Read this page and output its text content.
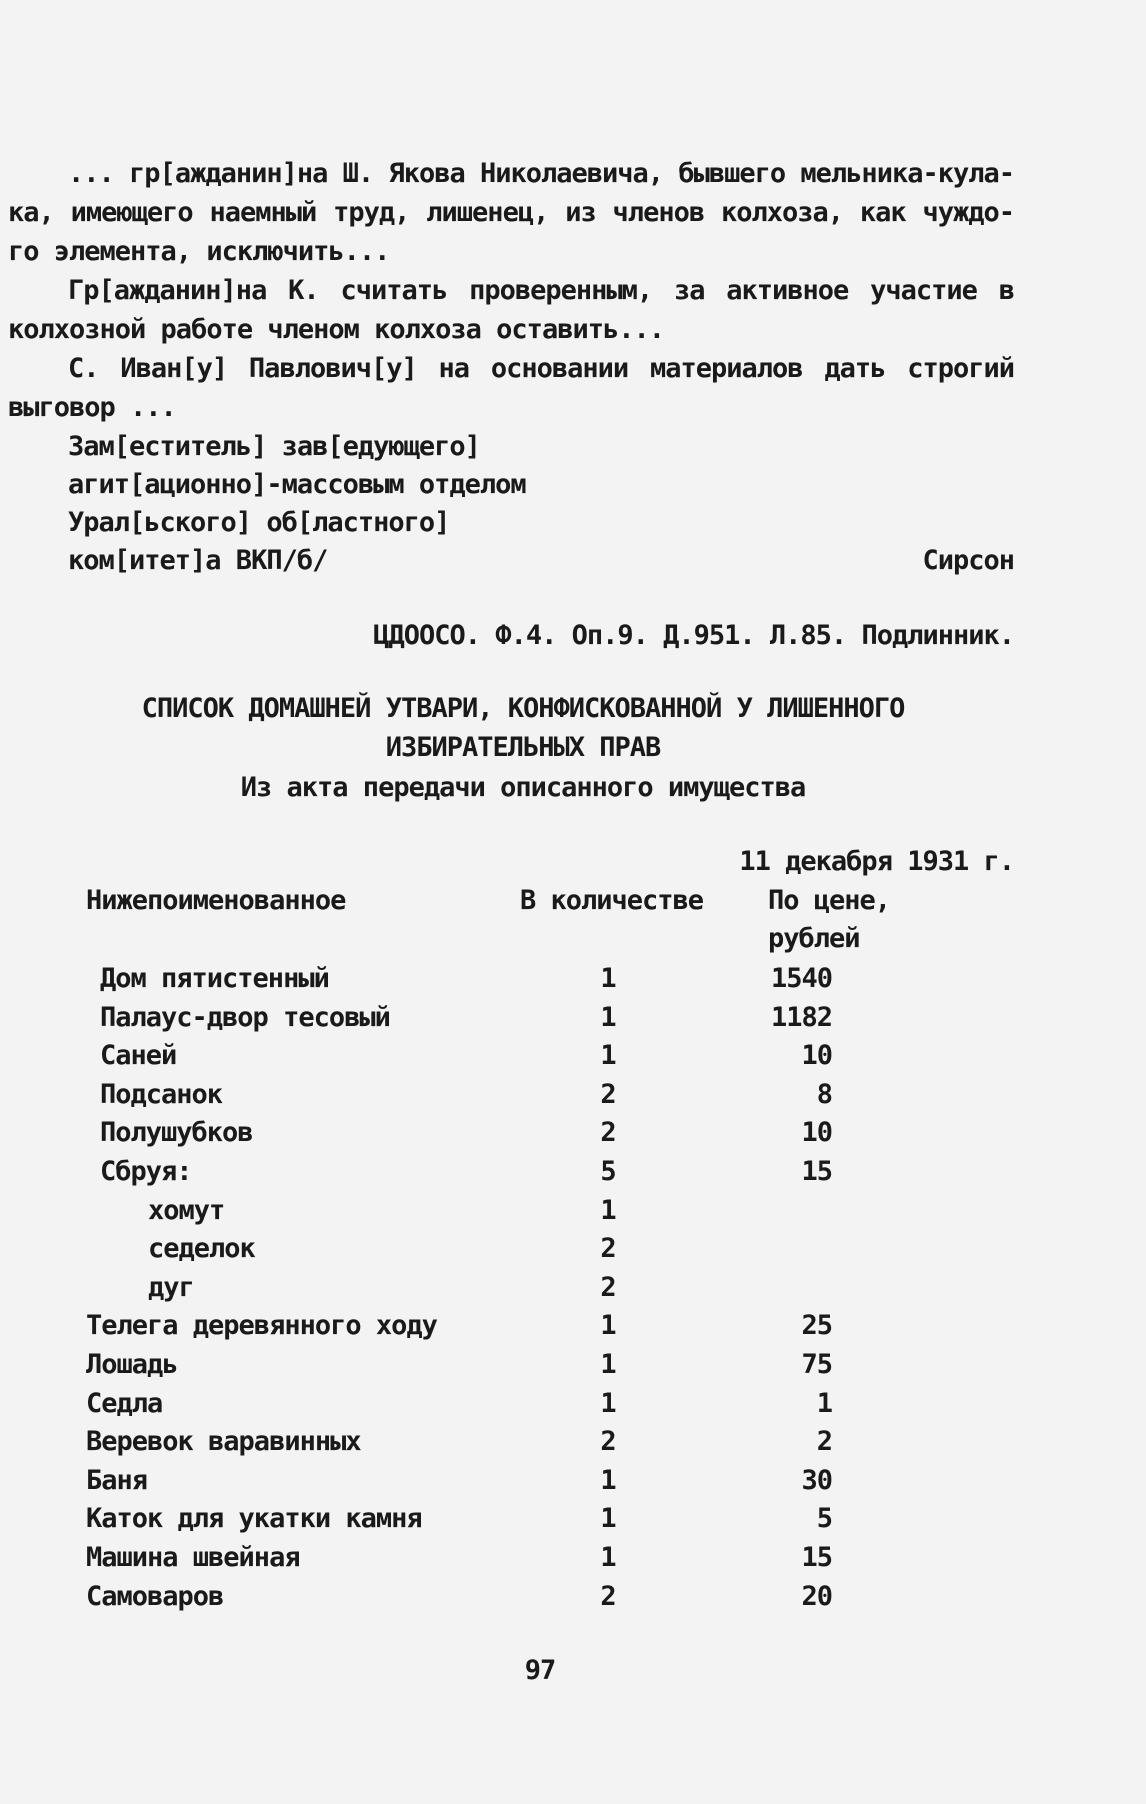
... гр[ажданин]на Ш. Якова Николаевича, бывшего мельника-кула-
ка, имеющего наемный труд, лишенец, из членов колхоза, как чуждо-
го элемента, исключить...
Гр[ажданин]на К. считать проверенным, за активное участие в
колхозной работе членом колхоза оставить...
С. Иван[у] Павлович[у] на основании материалов дать строгий
выговор ...
Зам[еститель] зав[едующего]
агит[ационно]-массовым отделом
Урал[ьского] об[ластного]
ком[итет]а ВКП/б/	Сирсон
ЦДООСО. Ф.4. Оп.9. Д.951. Л.85. Подлинник.
СПИСОК ДОМАШНЕЙ УТВАРИ, КОНФИСКОВАННОЙ У ЛИШЕННОГО
ИЗБИРАТЕЛЬНЫХ ПРАВ
Из акта передачи описанного имущества
11 декабря 1931 г.
Нижепоименованное	В количестве По цене,
рублей
Дом пятистенный	1	1540
Палаус-двор тесовый	1	1182
Саней	1	10
Подсанок	2	8
Полушубков	2	10
Сбруя:	5	15
хомут	1
седелок	2
дуг	2
Телега деревянного ходу	1	25
Лошадь	1	75
Седла	1	1
Веревок варавинных	2	2
Баня	1	30
Каток для укатки камня	1	5
Машина швейная	1	15
Самоваров	2	20
97
